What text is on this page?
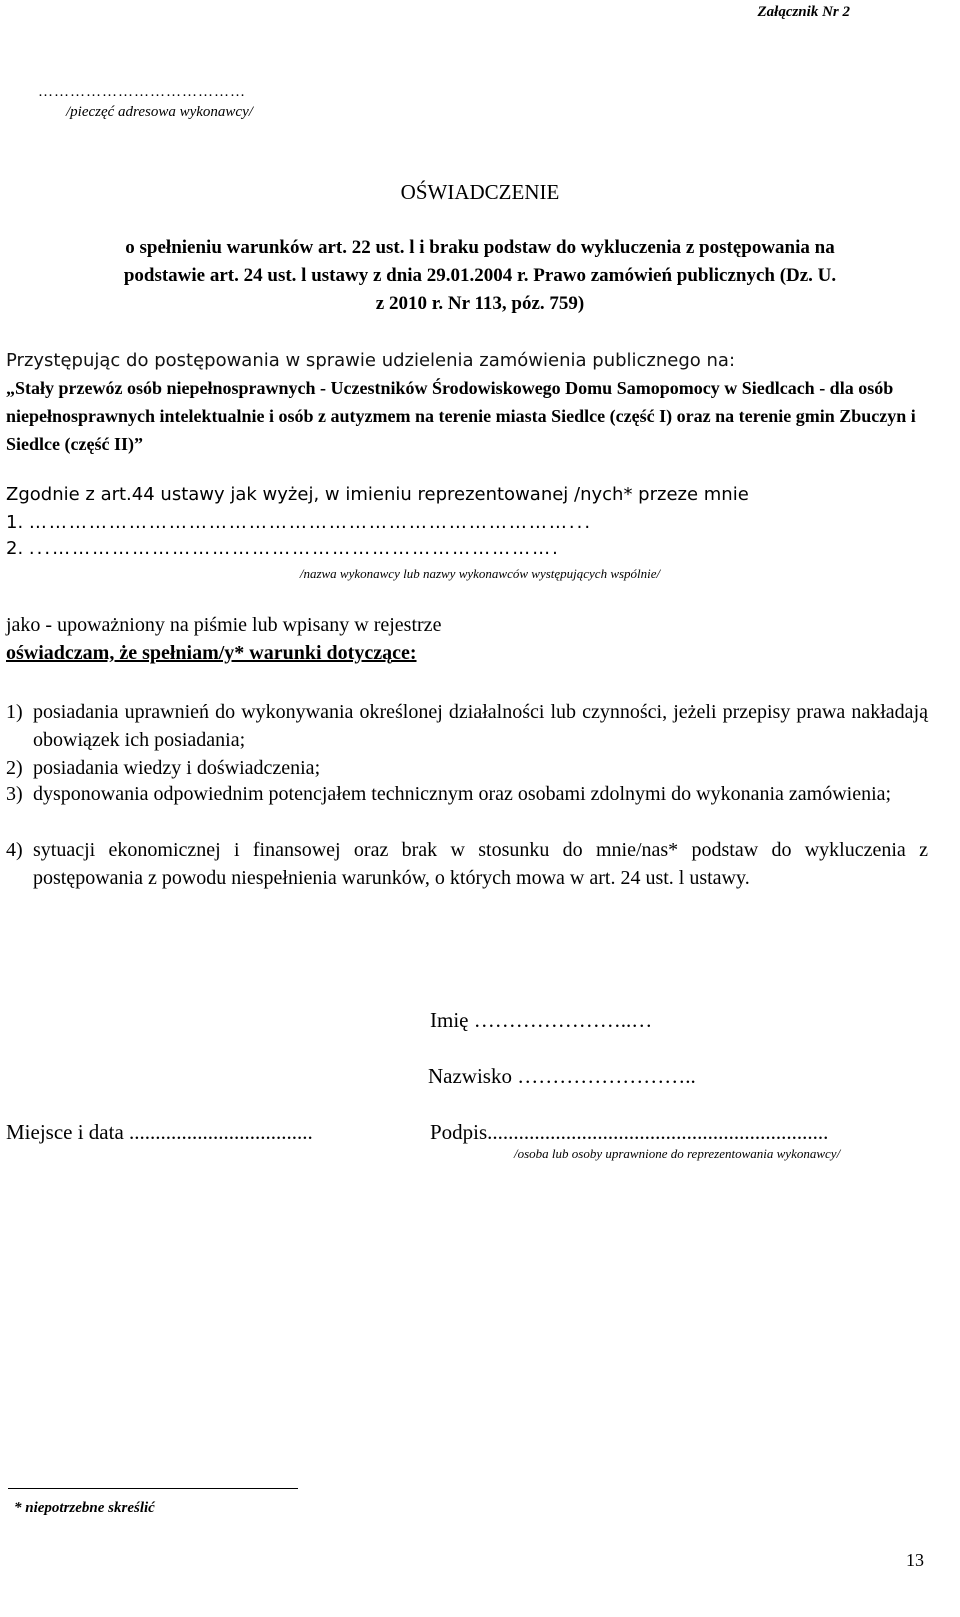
Załącznik Nr 2
…………………………………
/pieczęć adresowa wykonawcy/
OŚWIADCZENIE
o spełnieniu warunków art. 22 ust. l i braku podstaw do wykluczenia z postępowania na podstawie art. 24 ust. l ustawy z dnia 29.01.2004 r. Prawo zamówień publicznych (Dz. U. z 2010 r. Nr 113, póz. 759)
Przystępując do postępowania w sprawie udzielenia zamówienia publicznego na:
„Stały przewóz osób niepełnosprawnych - Uczestników Środowiskowego Domu Samopomocy w Siedlcach - dla osób niepełnosprawnych intelektualnie i osób z autyzmem na terenie miasta Siedlce (część I) oraz na terenie gmin Zbuczyn i Siedlce (część II)”
Zgodnie z art.44 ustawy jak wyżej, w imieniu reprezentowanej /nych* przeze mnie
1. ………………………………………………………………………...
2. ...………………………………………………………………….
/nazwa wykonawcy lub nazwy wykonawców występujących wspólnie/
jako - upoważniony na piśmie lub wpisany w rejestrze
oświadczam, że spełniam/y* warunki dotyczące:
1) posiadania uprawnień do wykonywania określonej działalności lub czynności, jeżeli przepisy prawa nakładają obowiązek ich posiadania;
2) posiadania wiedzy i doświadczenia;
3) dysponowania odpowiednim potencjałem technicznym oraz osobami zdolnymi do wykonania zamówienia;
4) sytuacji ekonomicznej i finansowej oraz brak w stosunku do mnie/nas* podstaw do wykluczenia z postępowania z powodu niespełnienia warunków, o których mowa w art. 24 ust. l ustawy.
Imię …………………..…
Nazwisko ……………………..
Miejsce i data ...................................	Podpis.................................................................
/osoba lub osoby uprawnione do reprezentowania wykonawcy/
* niepotrzebne skreślić
13
